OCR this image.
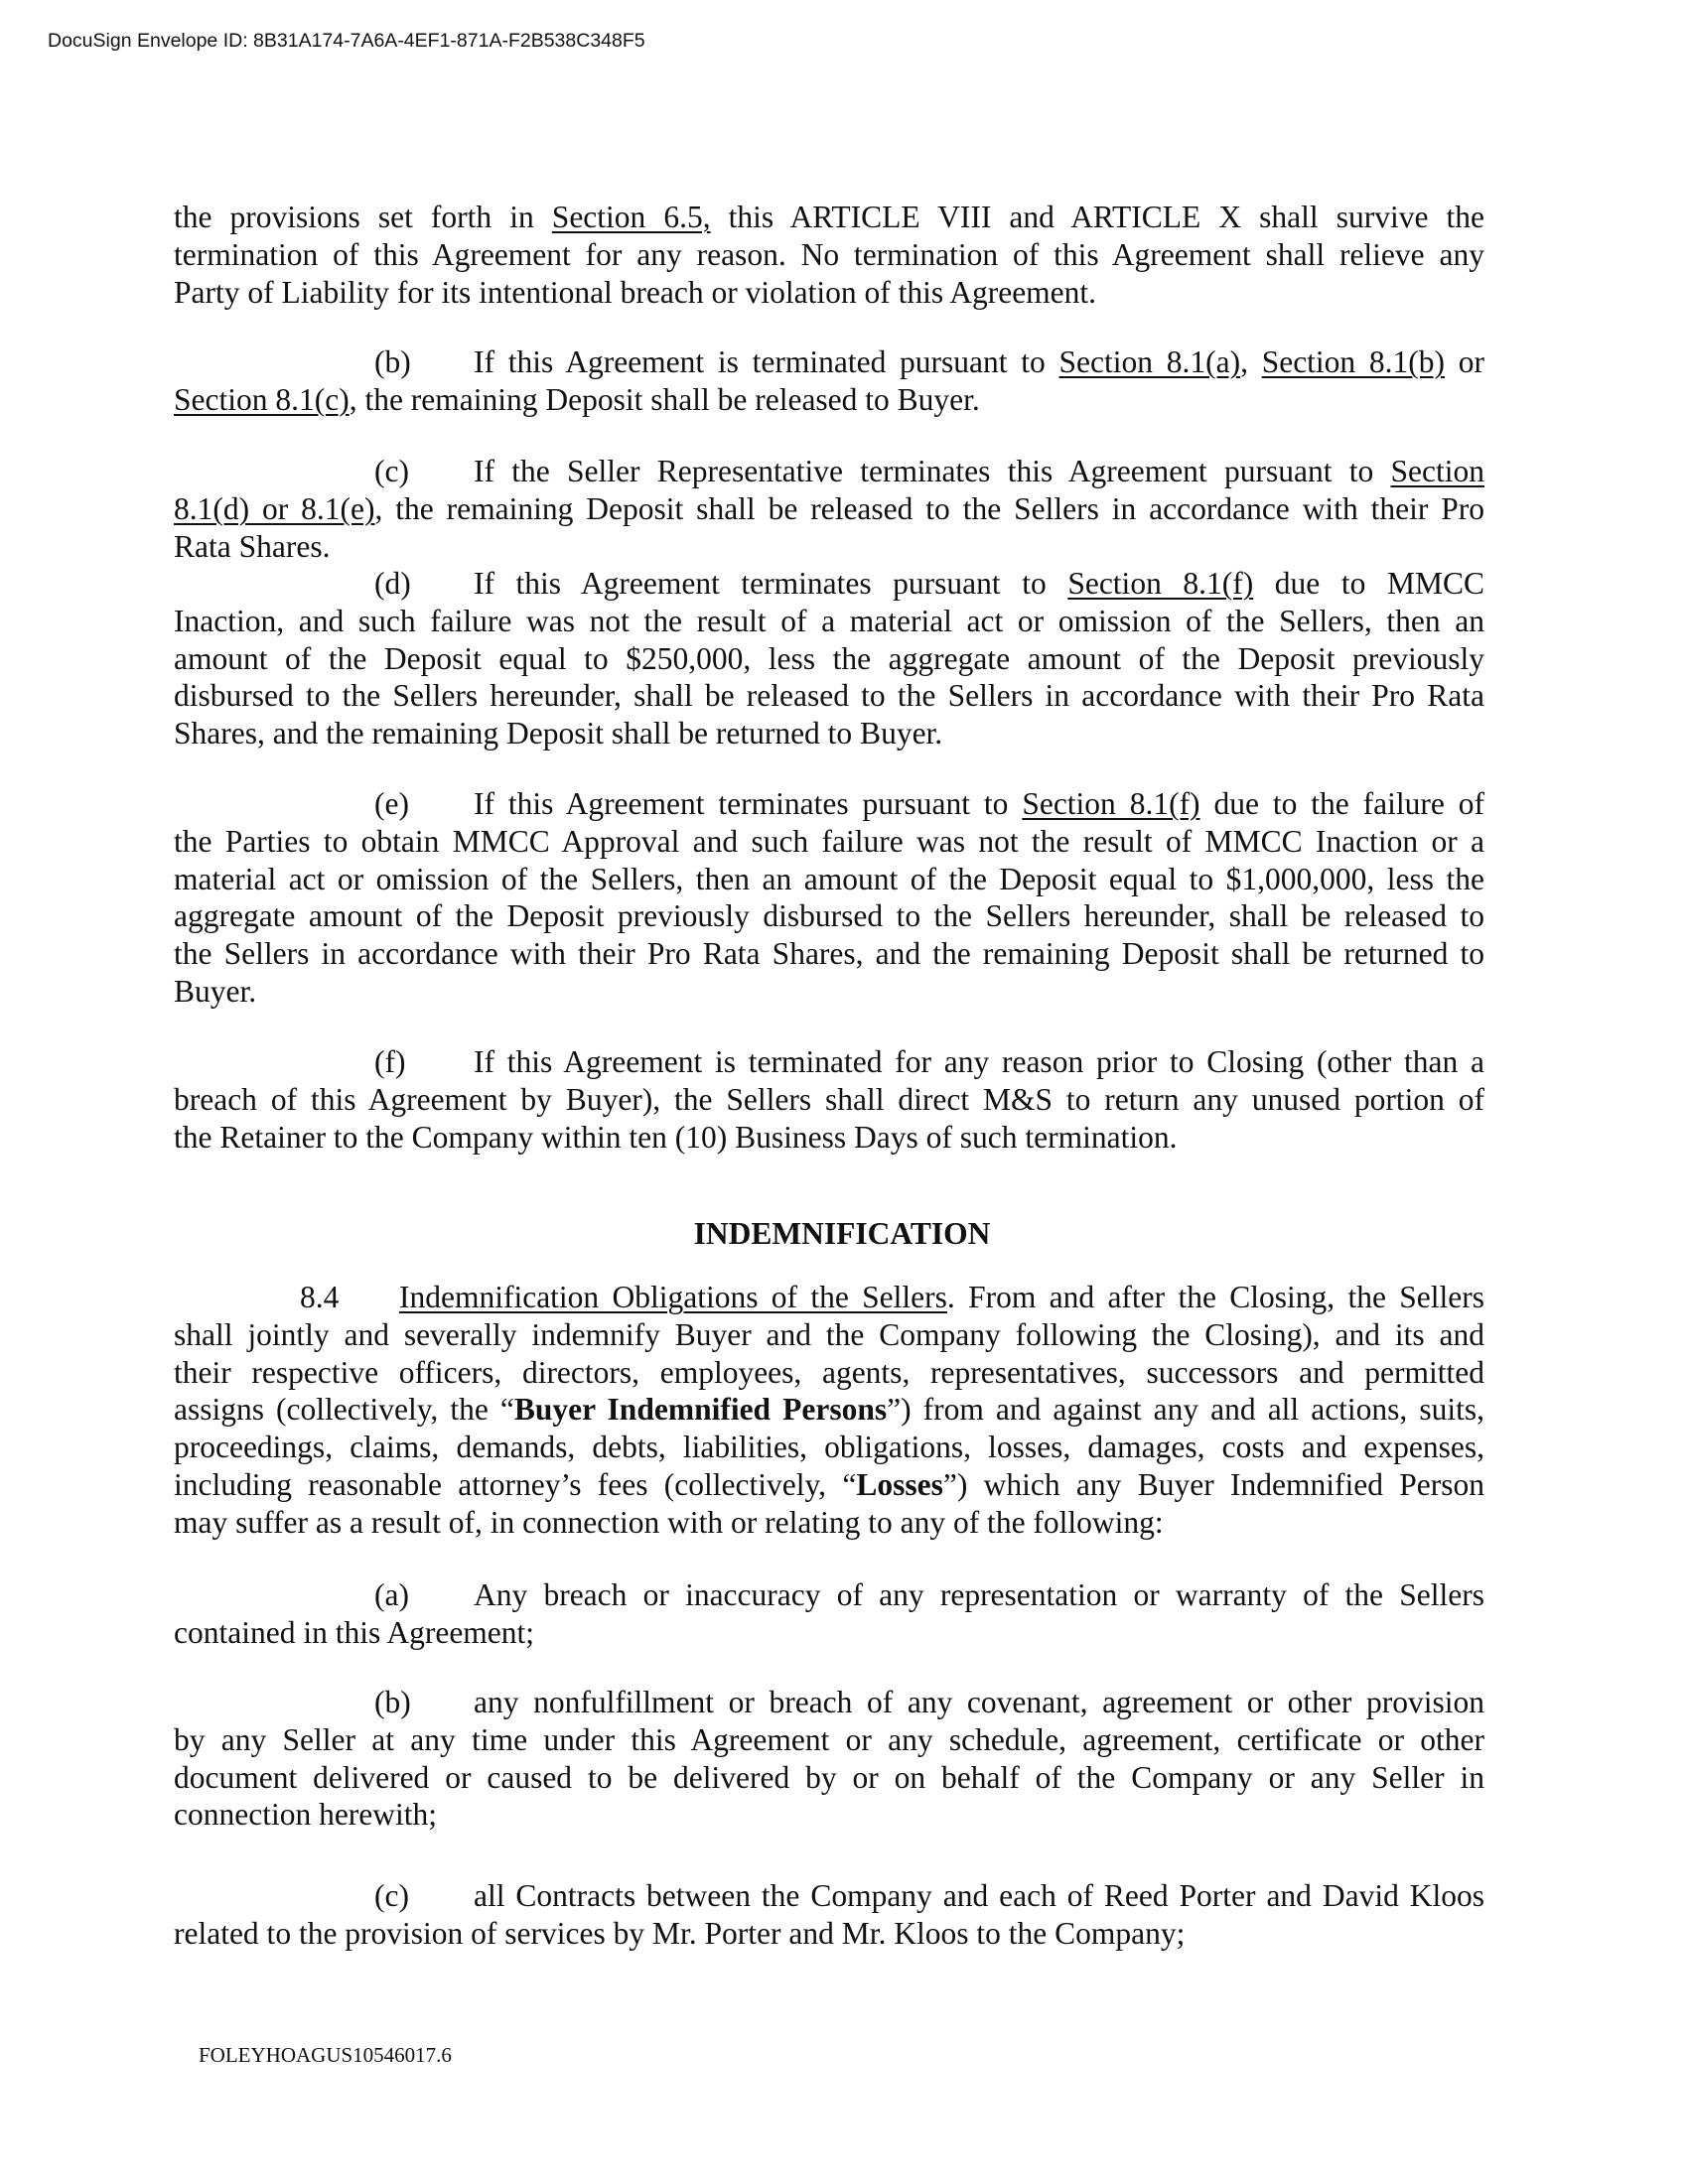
DocuSign Envelope ID: 8B31A174-7A6A-4EF1-871A-F2B538C348F5
INDEMNIFICATION
the provisions set forth in Section 6.5, this ARTICLE VIII and ARTICLE X shall survive the
termination of this Agreement for any reason. No termination of this Agreement shall relieve any
Party of Liability for its intentional breach or violation of this Agreement.
(b) If this Agreement is terminated pursuant to Section 8.1(a), Section 8.1(b) or
Section 8.1(c), the remaining Deposit shall be released to Buyer.
(c) If the Seller Representative terminates this Agreement pursuant to Section
8.1(d) or 8.1(e), the remaining Deposit shall be released to the Sellers in accordance with their Pro
Rata Shares.
(d) If this Agreement terminates pursuant to Section 8.1(f) due to MMCC
Inaction, and such failure was not the result of a material act or omission of the Sellers, then an
amount of the Deposit equal to $250,000, less the aggregate amount of the Deposit previously
disbursed to the Sellers hereunder, shall be released to the Sellers in accordance with their Pro Rata
Shares, and the remaining Deposit shall be returned to Buyer.
(e) If this Agreement terminates pursuant to Section 8.1(f) due to the failure of
the Parties to obtain MMCC Approval and such failure was not the result of MMCC Inaction or a
material act or omission of the Sellers, then an amount of the Deposit equal to $1,000,000, less the
aggregate amount of the Deposit previously disbursed to the Sellers hereunder, shall be released to
the Sellers in accordance with their Pro Rata Shares, and the remaining Deposit shall be returned to
Buyer.
(f) If this Agreement is terminated for any reason prior to Closing (other than a
breach of this Agreement by Buyer), the Sellers shall direct M&S to return any unused portion of
the Retainer to the Company within ten (10) Business Days of such termination.
8.4 Indemnification Obligations of the Sellers. From and after the Closing, the Sellers
shall jointly and severally indemnify Buyer and the Company following the Closing), and its and
their respective officers, directors, employees, agents, representatives, successors and permitted
assigns (collectively, the “Buyer Indemnified Persons”) from and against any and all actions, suits,
proceedings, claims, demands, debts, liabilities, obligations, losses, damages, costs and expenses,
including reasonable attorney’s fees (collectively, “Losses”) which any Buyer Indemnified Person
may suffer as a result of, in connection with or relating to any of the following:
(a) Any breach or inaccuracy of any representation or warranty of the Sellers
contained in this Agreement;
(b) any nonfulfillment or breach of any covenant, agreement or other provision
by any Seller at any time under this Agreement or any schedule, agreement, certificate or other
document delivered or caused to be delivered by or on behalf of the Company or any Seller in
connection herewith;
(c) all Contracts between the Company and each of Reed Porter and David Kloos
related to the provision of services by Mr. Porter and Mr. Kloos to the Company;
FOLEYHOAGUS10546017.6
